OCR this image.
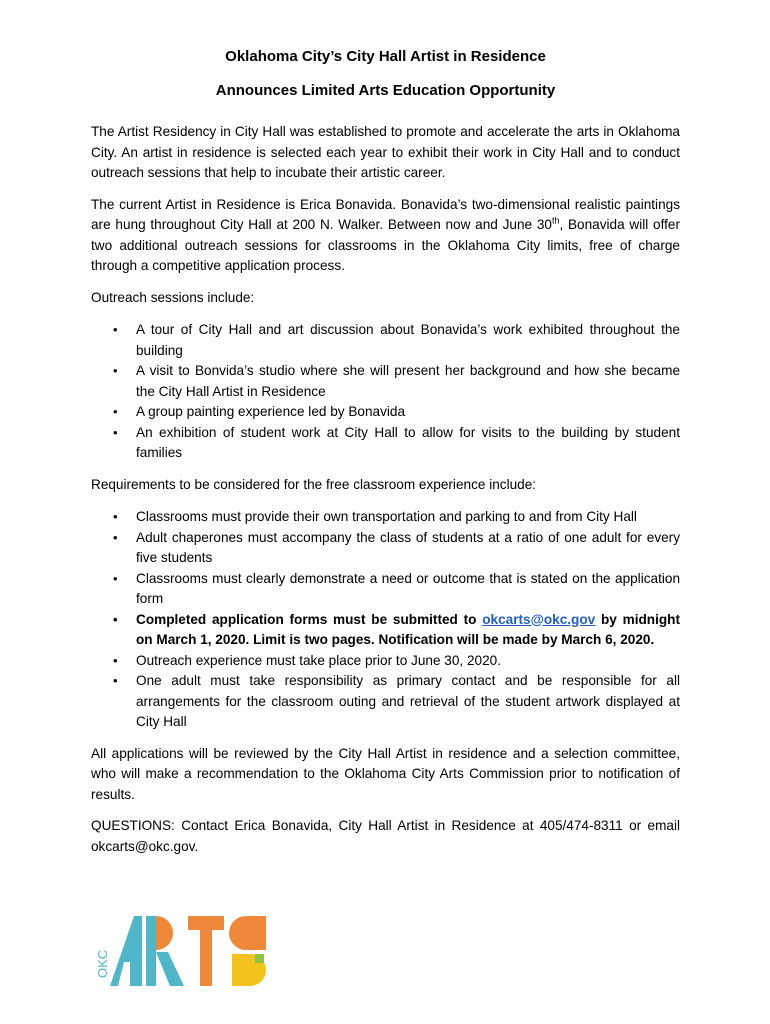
Oklahoma City’s City Hall Artist in Residence
Announces Limited Arts Education Opportunity

The Artist Residency in City Hall was established to promote and accelerate the arts in Oklahoma City. An artist in residence is selected each year to exhibit their work in City Hall and to conduct outreach sessions that help to incubate their artistic career.

The current Artist in Residence is Erica Bonavida. Bonavida’s two-dimensional realistic paintings are hung throughout City Hall at 200 N. Walker. Between now and June 30th, Bonavida will offer two additional outreach sessions for classrooms in the Oklahoma City limits, free of charge through a competitive application process.

Outreach sessions include:

• A tour of City Hall and art discussion about Bonavida’s work exhibited throughout the building
• A visit to Bonvida’s studio where she will present her background and how she became the City Hall Artist in Residence
• A group painting experience led by Bonavida
• An exhibition of student work at City Hall to allow for visits to the building by student families

Requirements to be considered for the free classroom experience include:

• Classrooms must provide their own transportation and parking to and from City Hall
• Adult chaperones must accompany the class of students at a ratio of one adult for every five students
• Classrooms must clearly demonstrate a need or outcome that is stated on the application form
• Completed application forms must be submitted to okcarts@okc.gov by midnight on March 1, 2020. Limit is two pages. Notification will be made by March 6, 2020.
• Outreach experience must take place prior to June 30, 2020.
• One adult must take responsibility as primary contact and be responsible for all arrangements for the classroom outing and retrieval of the student artwork displayed at City Hall

All applications will be reviewed by the City Hall Artist in residence and a selection committee, who will make a recommendation to the Oklahoma City Arts Commission prior to notification of results.

QUESTIONS: Contact Erica Bonavida, City Hall Artist in Residence at 405/474-8311 or email okcarts@okc.gov.

OKC
